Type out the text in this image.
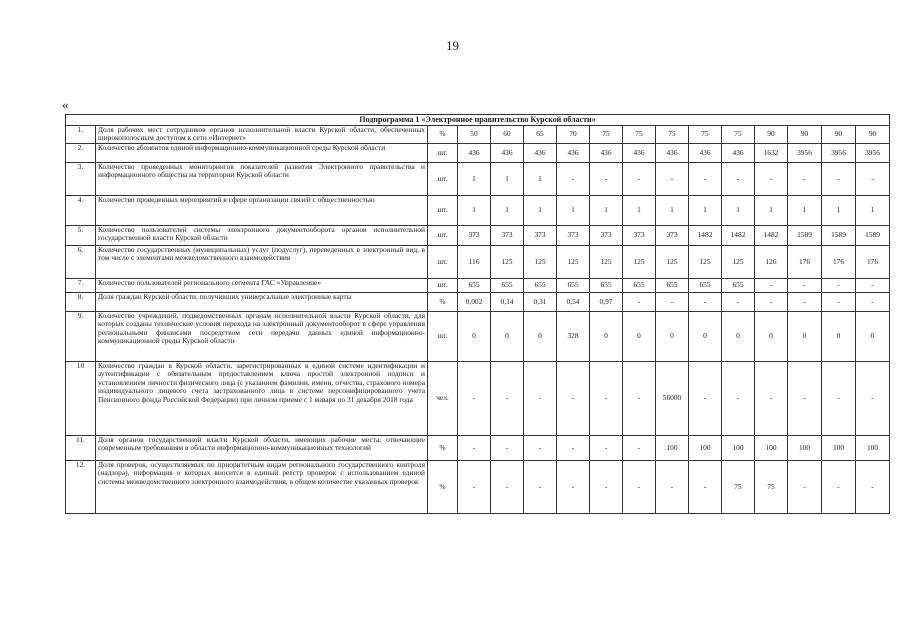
19
«
Подпрограмма 1 «Электронное правительство Курской области»															
1.	Доля рабочих мест сотрудников органов исполнительной власти Курской области, обеспеченных широкополосным доступом к сети «Интернет»	%	50	60	65	70	75	75	75	75	75	90	90	90	90
2.	Количество абонентов единой информационно-коммуникационной среды Курской области	шт.	436	436	436	436	436	436	436	436	436	1632	3956	3956	3956
3.	Количество проведенных мониторингов показателей развития Электронного правительства и информационного общества на территории Курской области	шт.	1	1	1	-	-	-	-	-	-	-	-	-	-
4.	Количество проведенных мероприятий в сфере организации связей с общественностью	шт.	1	1	1	1	1	1	1	1	1	1	1	1	1
5.	Количество пользователей системы электронного документооборота органов исполнительной государственной власти Курской области	шт.	373	373	373	373	373	373	373	1482	1482	1482	1589	1589	1589
6.	Количество государственных (муниципальных) услуг (подуслуг), переведенных в электронный вид, в том числе с элементами межведомственного взаимодействия	шт.	116	125	125	125	125	125	125	125	125	126	176	176	176
7.	Количество пользователей регионального сегмента ГАС «Управление»	шт.	655	655	655	655	655	655	655	655	655	-	-	-	-
8.	Доля граждан Курской области, получивших универсальные электронные карты	%	0,002	0,14	0,31	0,54	0,97	-	-	-	-	-	-	-	-
9.	Количество учреждений, подведомственных органам исполнительной власти Курской области, для которых созданы технические условия перехода на электронный документооборот в сфере управления региональными финансами посредством сети передачи данных единой информационно-коммуникационной среды Курской области	шт.	0	0	0	328	0	0	0	0	0	0	0	0	0
10	Количество граждан в Курской области, зарегистрированных в единой системе идентификации и аутентификации с обязательным предоставлением ключа простой электронной подписи и установлением личности физического лица (с указанием фамилии, имени, отчества, страхового номера индивидуального лицевого счета застрахованного лица в системе персонифицированного учета Пенсионного фонда Российской Федерации) при личном приеме с 1 января по 31 декабря 2018 года	чел.	-	-	-	-	-	-	56000	-	-	-	-	-	-
11.	Доля органов государственной власти Курской области, имеющих рабочие места, отвечающие современным требованиям в области информационно-коммуникационных технологий	%	-	-	-	-	-	-	100	100	100	100	100	100	100
12.	Доля проверок, осуществляемых по приоритетным видам регионального государственного контроля (надзора), информация о которых вносится в единый реестр проверок с использованием единой системы межведомственного электронного взаимодействия, в общем количестве указанных проверок	%	-	-	-	-	-	-	-	-	75	75	-	-	-
